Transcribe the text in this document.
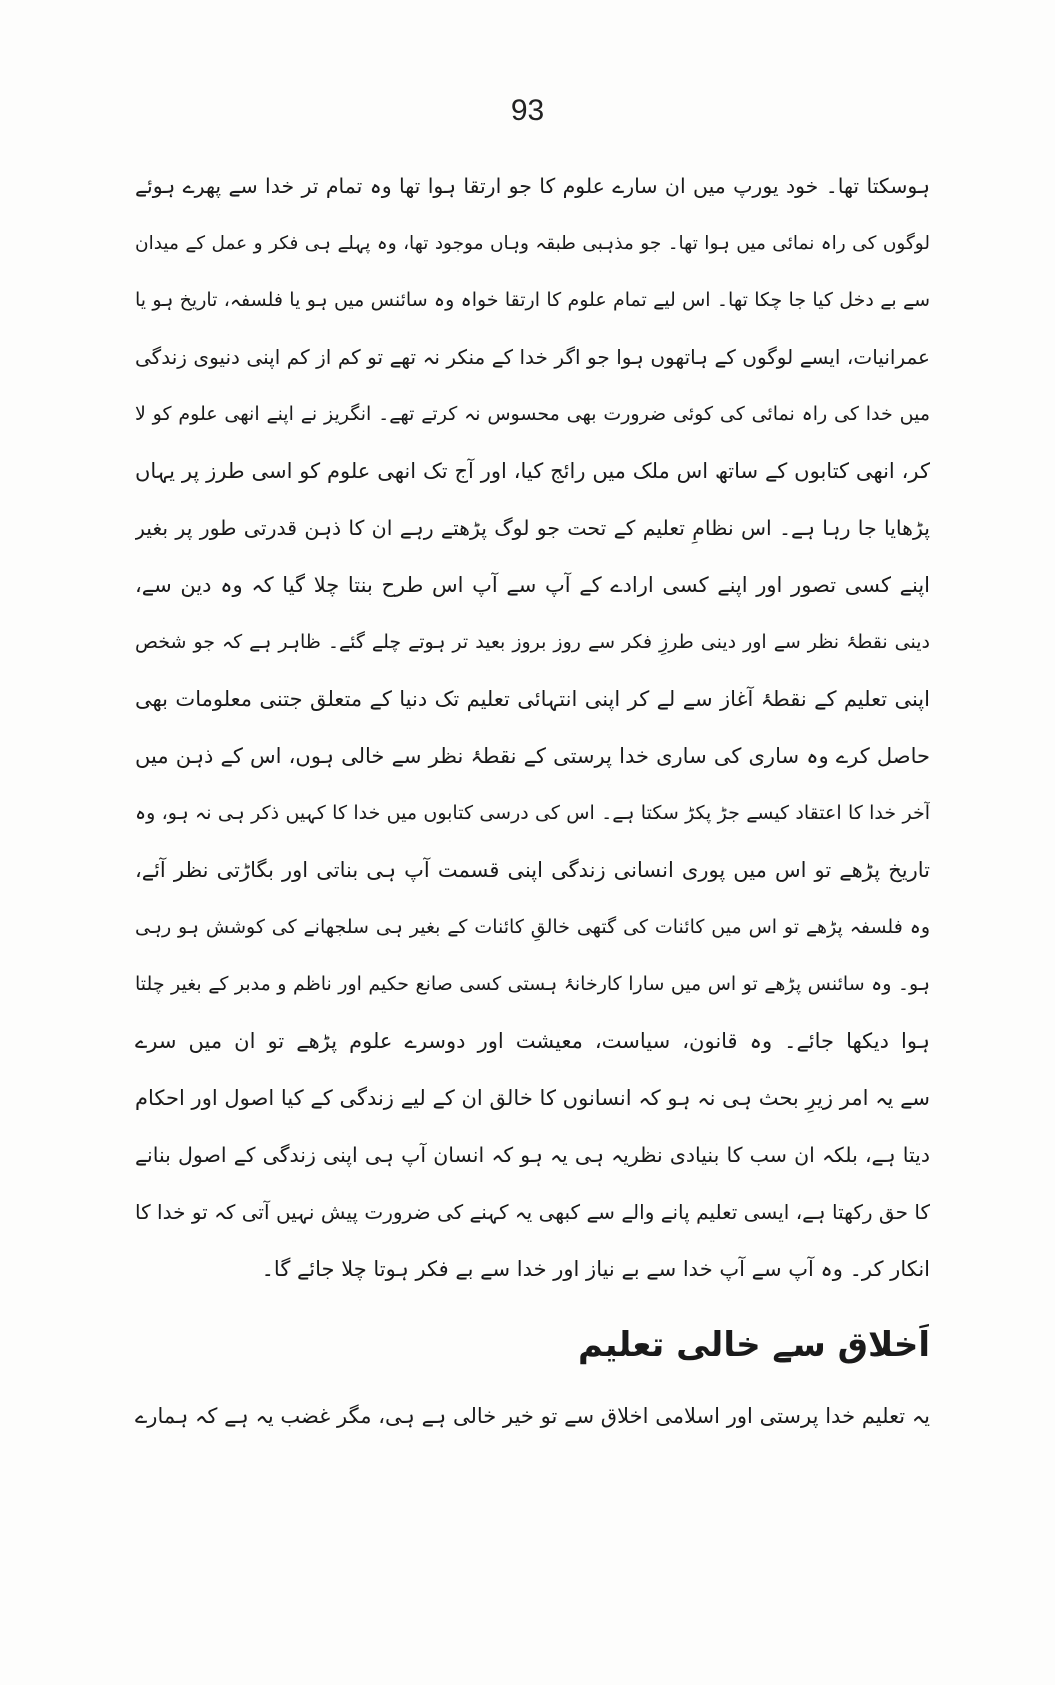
93
ہوسکتا تھا۔ خود یورپ میں ان سارے علوم کا جو ارتقا ہوا تھا وہ تمام تر خدا سے پھرے ہوئے
لوگوں کی راہ نمائی میں ہوا تھا۔ جو مذہبی طبقہ وہاں موجود تھا، وہ پہلے ہی فکر و عمل کے میدان
سے بے دخل کیا جا چکا تھا۔ اس لیے تمام علوم کا ارتقا خواہ وہ سائنس میں ہو یا فلسفہ، تاریخ ہو یا
عمرانیات، ایسے لوگوں کے ہاتھوں ہوا جو اگر خدا کے منکر نہ تھے تو کم از کم اپنی دنیوی زندگی
میں خدا کی راہ نمائی کی کوئی ضرورت بھی محسوس نہ کرتے تھے۔ انگریز نے اپنے انھی علوم کو لا
کر، انھی کتابوں کے ساتھ اس ملک میں رائج کیا، اور آج تک انھی علوم کو اسی طرز پر یہاں
پڑھایا جا رہا ہے۔ اس نظامِ تعلیم کے تحت جو لوگ پڑھتے رہے ان کا ذہن قدرتی طور پر بغیر
اپنے کسی تصور اور اپنے کسی ارادے کے آپ سے آپ اس طرح بنتا چلا گیا کہ وہ دین سے،
دینی نقطۂ نظر سے اور دینی طرزِ فکر سے روز بروز بعید تر ہوتے چلے گئے۔ ظاہر ہے کہ جو شخص
اپنی تعلیم کے نقطۂ آغاز سے لے کر اپنی انتہائی تعلیم تک دنیا کے متعلق جتنی معلومات بھی
حاصل کرے وہ ساری کی ساری خدا پرستی کے نقطۂ نظر سے خالی ہوں، اس کے ذہن میں
آخر خدا کا اعتقاد کیسے جڑ پکڑ سکتا ہے۔ اس کی درسی کتابوں میں خدا کا کہیں ذکر ہی نہ ہو، وہ
تاریخ پڑھے تو اس میں پوری انسانی زندگی اپنی قسمت آپ ہی بناتی اور بگاڑتی نظر آئے،
وہ فلسفہ پڑھے تو اس میں کائنات کی گتھی خالقِ کائنات کے بغیر ہی سلجھانے کی کوشش ہو رہی
ہو۔ وہ سائنس پڑھے تو اس میں سارا کارخانۂ ہستی کسی صانع حکیم اور ناظم و مدبر کے بغیر چلتا
ہوا دیکھا جائے۔ وہ قانون، سیاست، معیشت اور دوسرے علوم پڑھے تو ان میں سرے
سے یہ امر زیرِ بحث ہی نہ ہو کہ انسانوں کا خالق ان کے لیے زندگی کے کیا اصول اور احکام
دیتا ہے، بلکہ ان سب کا بنیادی نظریہ ہی یہ ہو کہ انسان آپ ہی اپنی زندگی کے اصول بنانے
کا حق رکھتا ہے، ایسی تعلیم پانے والے سے کبھی یہ کہنے کی ضرورت پیش نہیں آتی کہ تو خدا کا
انکار کر۔ وہ آپ سے آپ خدا سے بے نیاز اور خدا سے بے فکر ہوتا چلا جائے گا۔
اَخلاق سے خالی تعلیم
یہ تعلیم خدا پرستی اور اسلامی اخلاق سے تو خیر خالی ہے ہی، مگر غضب یہ ہے کہ ہمارے
